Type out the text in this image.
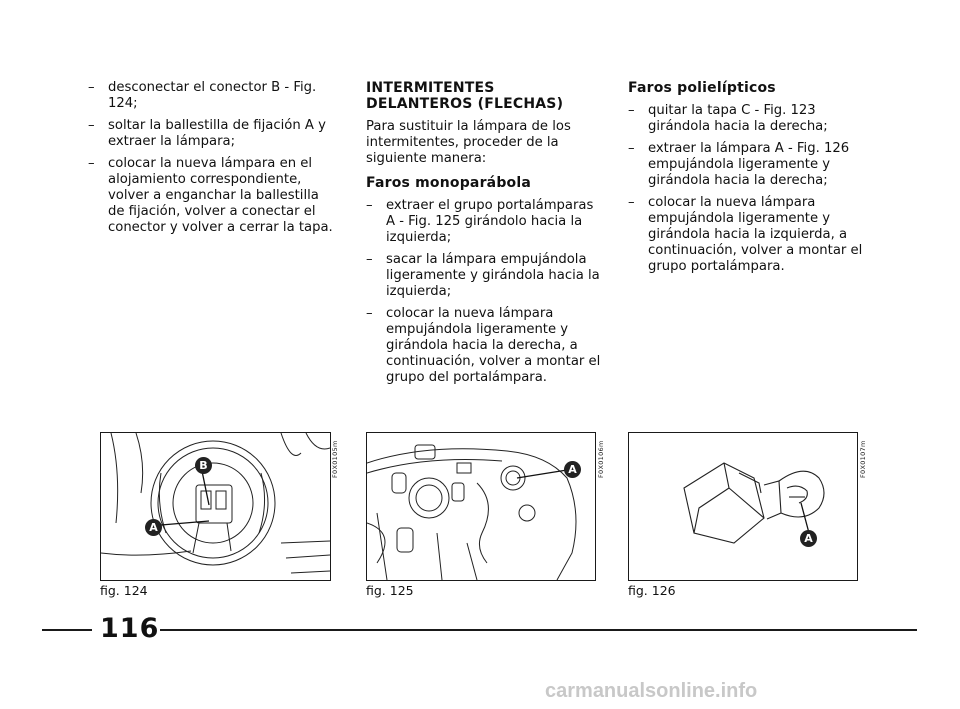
– desconectar el conector B - Fig. 124;
– soltar la ballestilla de fijación A y extraer la lámpara;
– colocar la nueva lámpara en el alojamiento correspondiente, volver a enganchar la ballestilla de fijación, volver a conectar el conector y volver a cerrar la tapa.
INTERMITENTES DELANTEROS (FLECHAS)
Para sustituir la lámpara de los intermitentes, proceder de la siguiente manera:
Faros monoparábola
– extraer el grupo portalámparas A - Fig. 125 girándolo hacia la izquierda;
– sacar la lámpara empujándola ligeramente y girándola hacia la izquierda;
– colocar la nueva lámpara empujándola ligeramente y girándola hacia la derecha, a continuación, volver a montar el grupo del portalámpara.
Faros polielípticos
– quitar la tapa C - Fig. 123 girándola hacia la derecha;
– extraer la lámpara A - Fig. 126 empujándola ligeramente y girándola hacia la derecha;
– colocar la nueva lámpara empujándola ligeramente y girándola hacia la izquierda, a continuación, volver a montar el grupo portalámpara.
B
A
F0X0105m
fig. 124
A	F0X0106m
fig. 125
A
F0X0107m
fig. 126
116
carmanualsonline.info
